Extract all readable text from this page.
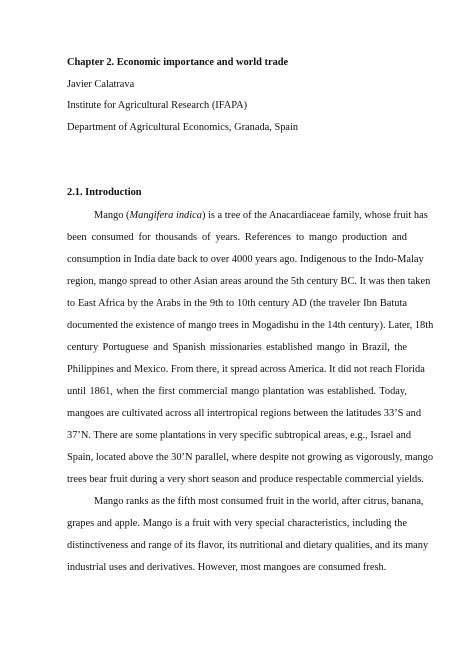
Chapter 2. Economic importance and world trade
Javier Calatrava
Institute for Agricultural Research (IFAPA)
Department of Agricultural Economics, Granada, Spain
2.1. Introduction
Mango (Mangifera indica) is a tree of the Anacardiaceae family, whose fruit has
been consumed for thousands of years. References to mango production and
consumption in India date back to over 4000 years ago. Indigenous to the Indo-Malay
region, mango spread to other Asian areas around the 5th century BC. It was then taken
to East Africa by the Arabs in the 9th to 10th century AD (the traveler Ibn Batuta
documented the existence of mango trees in Mogadishu in the 14th century). Later, 18th
century Portuguese and Spanish missionaries established mango in Brazil, the
Philippines and Mexico. From there, it spread across America. It did not reach Florida
until 1861, when the first commercial mango plantation was established. Today,
mangoes are cultivated across all intertropical regions between the latitudes 33’S and
37’N. There are some plantations in very specific subtropical areas, e.g., Israel and
Spain, located above the 30’N parallel, where despite not growing as vigorously, mango
trees bear fruit during a very short season and produce respectable commercial yields.
Mango ranks as the fifth most consumed fruit in the world, after citrus, banana,
grapes and apple. Mango is a fruit with very special characteristics, including the
distinctiveness and range of its flavor, its nutritional and dietary qualities, and its many
industrial uses and derivatives. However, most mangoes are consumed fresh.
